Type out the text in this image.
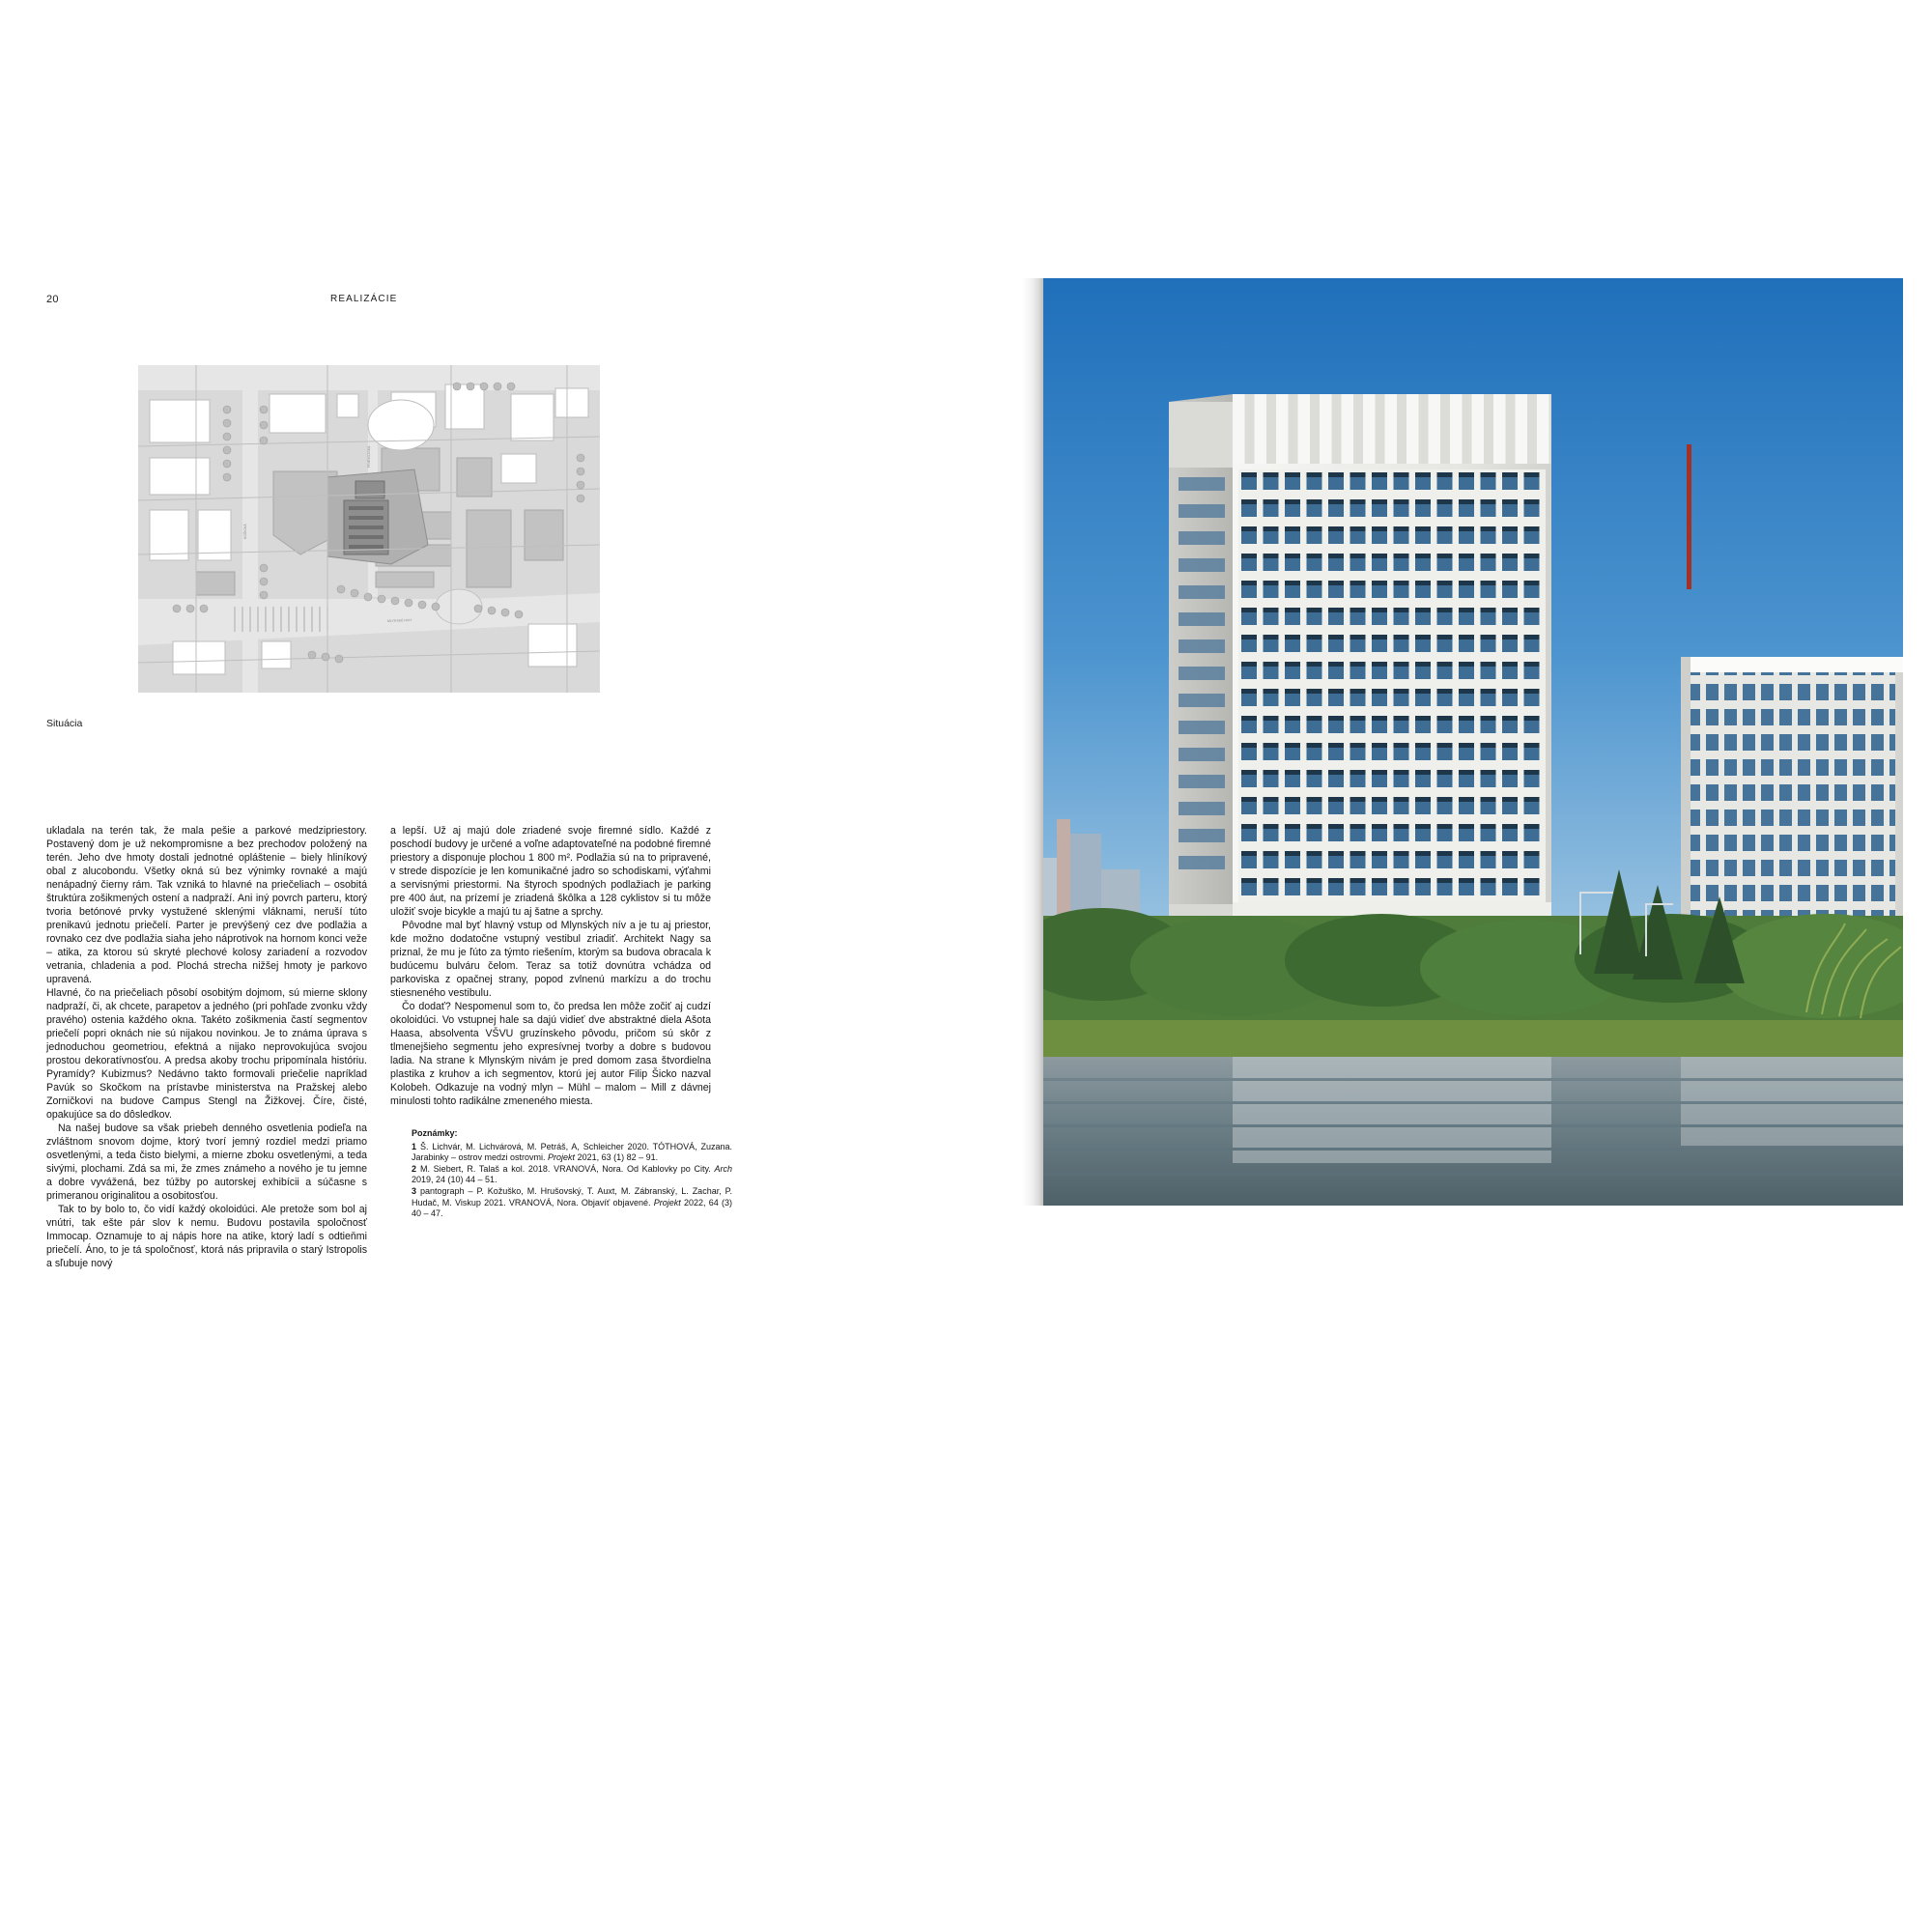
20	REALIZÁCIE
MLYNSKÉ NIVY
KOŠICKÁ
PRIEVOZSKÁ
Situácia

ukladala na terén tak, že mala pešie a parkové medzipriestory. Postavený dom je už nekompromisne a bez prechodov položený na terén. Jeho dve hmoty dostali jednotné opláštenie – biely hliníkový obal z alucobondu. Všetky okná sú bez výnimky rovnaké a majú nenápadný čierny rám. Tak vzniká to hlavné na priečeliach – osobitá štruktúra zošikmených ostení a nadpraží. Ani iný povrch parteru, ktorý tvoria betónové prvky vystužené sklenými vláknami, neruší túto prenikavú jednotu priečelí. Parter je prevýšený cez dve podlažia a rovnako cez dve podlažia siaha jeho náprotivok na hornom konci veže – atika, za ktorou sú skryté plechové kolosy zariadení a rozvodov vetrania, chladenia a pod. Plochá strecha nižšej hmoty je parkovo upravená.

Hlavné, čo na priečeliach pôsobí osobitým dojmom, sú mierne sklony nadpraží, či, ak chcete, parapetov a jedného (pri pohľade zvonku vždy pravého) ostenia každého okna. Takéto zošikmenia častí segmentov priečelí popri oknách nie sú nijakou novinkou. Je to známa úprava s jednoduchou geometriou, efektná a nijako neprovokujúca svojou prostou dekoratívnosťou. A predsa akoby trochu pripomínala históriu. Pyramídy? Kubizmus? Nedávno takto formovali priečelie napríklad Pavúk so Skočkom na prístavbe ministerstva na Pražskej alebo Zorničkovi na budove Campus Stengl na Žižkovej. Číre, čisté, opakujúce sa do dôsledkov.

Na našej budove sa však priebeh denného osvetlenia podieľa na zvláštnom snovom dojme, ktorý tvorí jemný rozdiel medzi priamo osvetlenými, a teda čisto bielymi, a mierne zboku osvetlenými, a teda sivými, plochami. Zdá sa mi, že zmes známeho a nového je tu jemne a dobre vyvážená, bez túžby po autorskej exhibícii a súčasne s primeranou originalitou a osobitosťou.

Tak to by bolo to, čo vidí každý okoloidúci. Ale pretože som bol aj vnútri, tak ešte pár slov k nemu. Budovu postavila spoločnosť Immocap. Oznamuje to aj nápis hore na atike, ktorý ladí s odtieňmi priečelí. Áno, to je tá spoločnosť, ktorá nás pripravila o starý Istropolis a sľubuje nový

a lepší. Už aj majú dole zriadené svoje firemné sídlo. Každé z poschodí budovy je určené a voľne adaptovateľné na podobné firemné priestory a disponuje plochou 1 800 m². Podlažia sú na to pripravené, v strede dispozície je len komunikačné jadro so schodiskami, výťahmi a servisnými priestormi. Na štyroch spodných podlažiach je parking pre 400 áut, na prízemí je zriadená škôlka a 128 cyklistov si tu môže uložiť svoje bicykle a majú tu aj šatne a sprchy.

Pôvodne mal byť hlavný vstup od Mlynských nív a je tu aj priestor, kde možno dodatočne vstupný vestibul zriadiť. Architekt Nagy sa priznal, že mu je ľúto za týmto riešením, ktorým sa budova obracala k budúcemu bulváru čelom. Teraz sa totiž dovnútra vchádza od parkoviska z opačnej strany, popod zvlnenú markízu a do trochu stiesneného vestibulu.

Čo dodať? Nespomenul som to, čo predsa len môže zočiť aj cudzí okoloidúci. Vo vstupnej hale sa dajú vidieť dve abstraktné diela Ašota Haasa, absolventa VŠVU gruzínskeho pôvodu, pričom sú skôr z tlmenejšieho segmentu jeho expresívnej tvorby a dobre s budovou ladia. Na strane k Mlynským nivám je pred domom zasa štvordielna plastika z kruhov a ich segmentov, ktorú jej autor Filip Šicko nazval Kolobeh. Odkazuje na vodný mlyn – Mühl – malom – Mill z dávnej minulosti tohto radikálne zmeneného miesta.

Poznámky:

1 Š. Lichvár, M. Lichvárová, M. Petráš, A, Schleicher 2020. TÓTHOVÁ, Zuzana. Jarabinky – ostrov medzi ostrovmi. Projekt 2021, 63 (1) 82 – 91.

2 M. Siebert, R. Talaš a kol. 2018. VRANOVÁ, Nora. Od Kablovky po City. Arch 2019, 24 (10) 44 – 51.

3 pantograph – P. Kožuško, M. Hrušovský, T. Auxt, M. Zábranský, L. Zachar, P. Hudač, M. Viskup 2021. VRANOVÁ, Nora. Objavíť objavené. Projekt 2022, 64 (3) 40 – 47.
